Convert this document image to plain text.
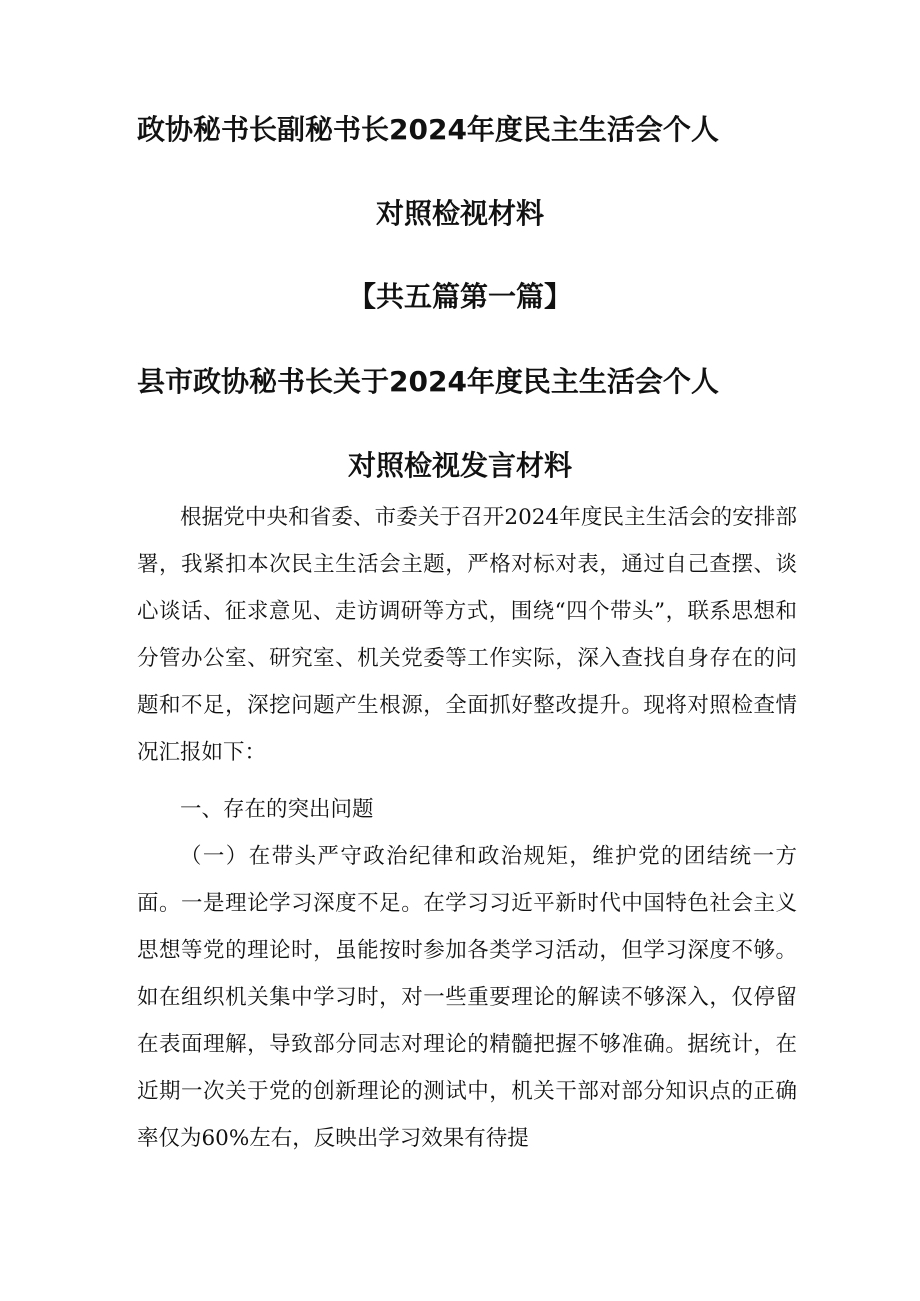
政协秘书长副秘书长2024年度民主生活会个人
对照检视材料
【共五篇第一篇】
县市政协秘书长关于2024年度民主生活会个人
对照检视发言材料

根据党中央和省委、市委关于召开2024年度民主生活会的安排部署，我紧扣本次民主生活会主题，严格对标对表，通过自己查摆、谈心谈话、征求意见、走访调研等方式，围绕“四个带头”，联系思想和分管办公室、研究室、机关党委等工作实际，深入查找自身存在的问题和不足，深挖问题产生根源，全面抓好整改提升。现将对照检查情况汇报如下：

一、存在的突出问题

（一）在带头严守政治纪律和政治规矩，维护党的团结统一方面。一是理论学习深度不足。在学习习近平新时代中国特色社会主义思想等党的理论时，虽能按时参加各类学习活动，但学习深度不够。如在组织机关集中学习时，对一些重要理论的解读不够深入，仅停留在表面理解，导致部分同志对理论的精髓把握不够准确。据统计，在近期一次关于党的创新理论的测试中，机关干部对部分知识点的正确率仅为60%左右，反映出学习效果有待提
